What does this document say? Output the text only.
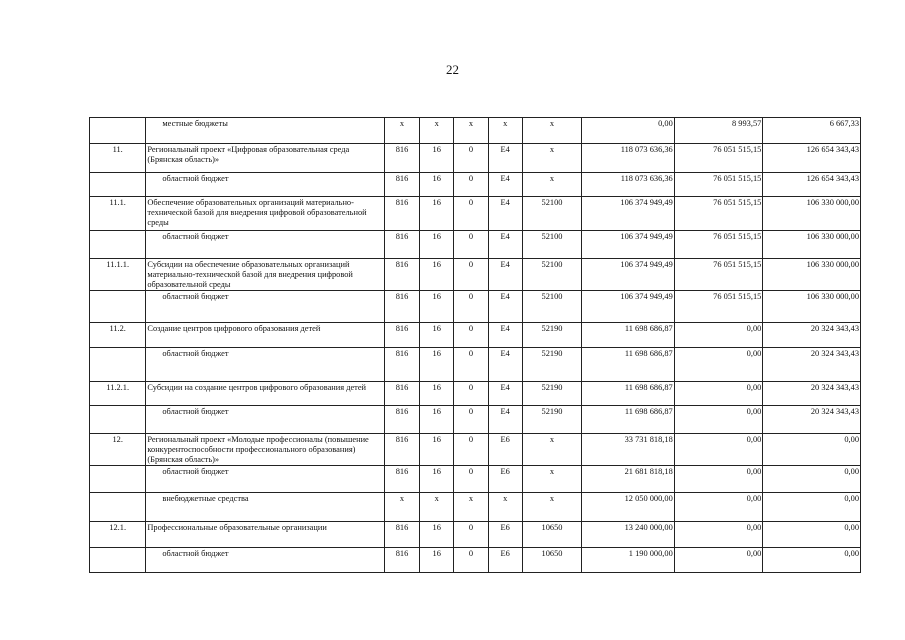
22
	местные бюджеты	x	x	x	x	x	0,00	8 993,57	6 667,33
11.	Региональный проект «Цифровая образовательная среда (Брянская область)»	816	16	0	E4	x	118 073 636,36	76 051 515,15	126 654 343,43
	областной бюджет	816	16	0	E4	x	118 073 636,36	76 051 515,15	126 654 343,43
11.1.	Обеспечение образовательных организаций материально-технической базой для внедрения цифровой образовательной среды	816	16	0	E4	52100	106 374 949,49	76 051 515,15	106 330 000,00
	областной бюджет	816	16	0	E4	52100	106 374 949,49	76 051 515,15	106 330 000,00
11.1.1.	Субсидии на обеспечение образовательных организаций материально-технической базой для внедрения цифровой образовательной среды	816	16	0	E4	52100	106 374 949,49	76 051 515,15	106 330 000,00
	областной бюджет	816	16	0	E4	52100	106 374 949,49	76 051 515,15	106 330 000,00
11.2.	Создание центров цифрового образования детей	816	16	0	E4	52190	11 698 686,87	0,00	20 324 343,43
	областной бюджет	816	16	0	E4	52190	11 698 686,87	0,00	20 324 343,43
11.2.1.	Субсидии на создание центров цифрового образования детей	816	16	0	E4	52190	11 698 686,87	0,00	20 324 343,43
	областной бюджет	816	16	0	E4	52190	11 698 686,87	0,00	20 324 343,43
12.	Региональный проект «Молодые профессионалы (повышение конкурентоспособности профессионального образования) (Брянская область)»	816	16	0	E6	x	33 731 818,18	0,00	0,00
	областной бюджет	816	16	0	E6	x	21 681 818,18	0,00	0,00
	внебюджетные средства	x	x	x	x	x	12 050 000,00	0,00	0,00
12.1.	Профессиональные образовательные организации	816	16	0	E6	10650	13 240 000,00	0,00	0,00
	областной бюджет	816	16	0	E6	10650	1 190 000,00	0,00	0,00
